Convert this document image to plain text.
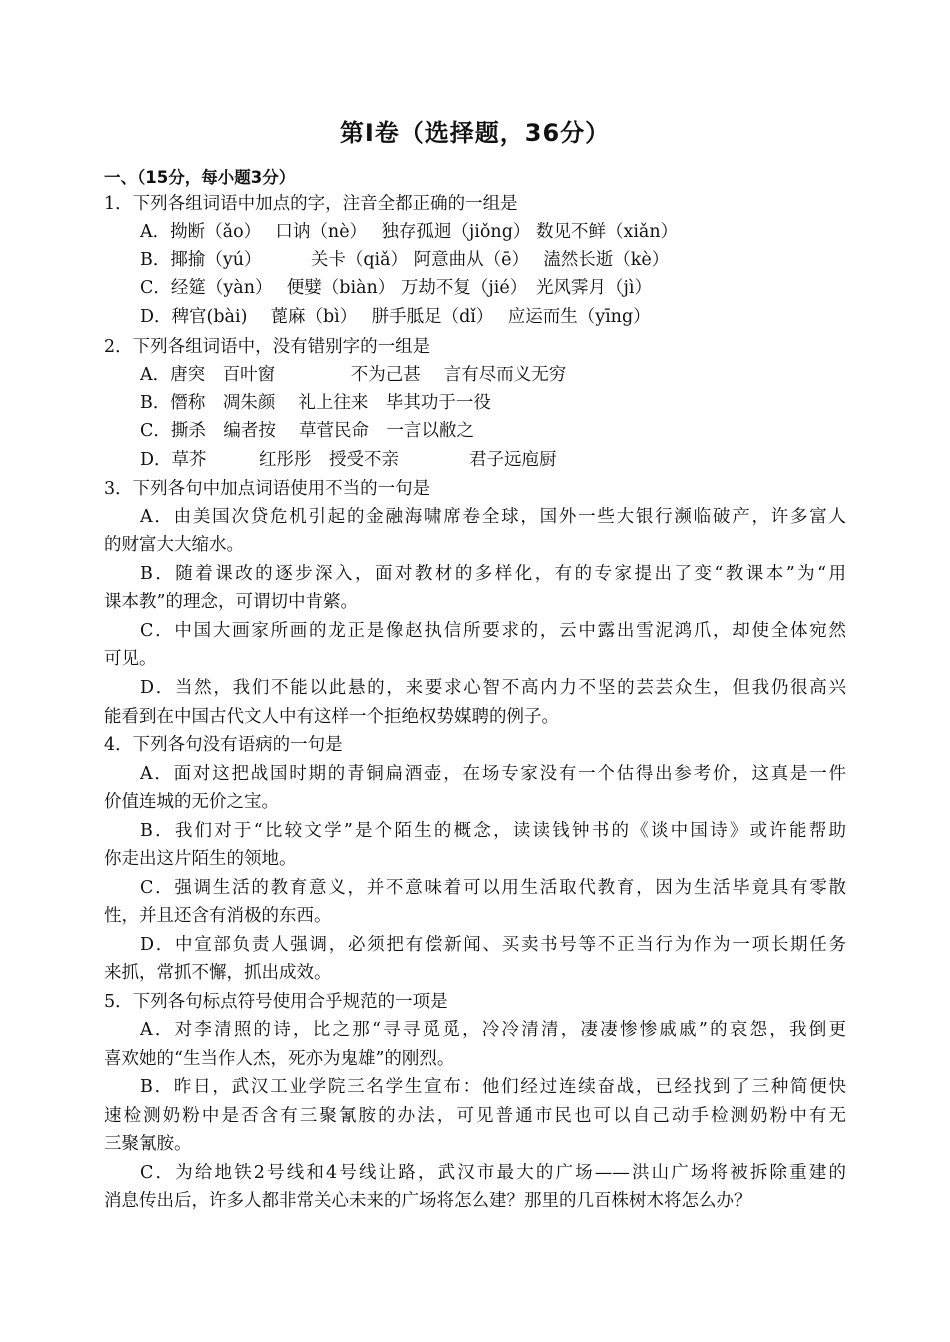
第Ⅰ卷（选择题，36分）
一、（15分，每小题3分）
1．下列各组词语中加点的字，注音全都正确的一组是
A．拗断（ǎo）　 口讷（nè）　 独存孤迥（jiǒng） 数见不鲜（xiǎn）
B．揶揄（yú）　　　 关卡（qiǎ） 阿意曲从（ē）　 溘然长逝（kè）
C．经筵（yàn）　 便嬖（biàn） 万劫不复（jié）　光风霁月（jì）
D．稗官(bài)　 蓖麻（bì）　 胼手胝足（dǐ）　 应运而生（yīng）
2．下列各组词语中，没有错别字的一组是
A．唐突　百叶窗　　　　 不为己甚　 言有尽而义无穷
B．僭称　凋朱颜　 礼上往来　毕其功于一役
C．撕杀　编者按　 草菅民命　一言以敝之
D．草芥　　　红彤彤　授受不亲　　　　君子远庖厨
3．下列各句中加点词语使用不当的一句是
A．由美国次贷危机引起的金融海啸席卷全球，国外一些大银行濒临破产，许多富人
的财富大大缩水。
B．随着课改的逐步深入，面对教材的多样化，有的专家提出了变“教课本”为“用
课本教”的理念，可谓切中肯綮。
C．中国大画家所画的龙正是像赵执信所要求的，云中露出雪泥鸿爪，却使全体宛然
可见。
D．当然，我们不能以此悬的，来要求心智不高内力不坚的芸芸众生，但我仍很高兴
能看到在中国古代文人中有这样一个拒绝权势媒聘的例子。
4．下列各句没有语病的一句是
A．面对这把战国时期的青铜扁酒壶，在场专家没有一个估得出参考价，这真是一件
价值连城的无价之宝。
B．我们对于“比较文学”是个陌生的概念，读读钱钟书的《谈中国诗》或许能帮助
你走出这片陌生的领地。
C．强调生活的教育意义，并不意味着可以用生活取代教育，因为生活毕竟具有零散
性，并且还含有消极的东西。
D．中宣部负责人强调，必须把有偿新闻、买卖书号等不正当行为作为一项长期任务
来抓，常抓不懈，抓出成效。
5．下列各句标点符号使用合乎规范的一项是
A．对李清照的诗，比之那“寻寻觅觅，冷冷清清，凄凄惨惨戚戚”的哀怨，我倒更
喜欢她的“生当作人杰，死亦为鬼雄”的刚烈。
B．昨日，武汉工业学院三名学生宣布：他们经过连续奋战，已经找到了三种简便快
速检测奶粉中是否含有三聚氰胺的办法，可见普通市民也可以自己动手检测奶粉中有无
三聚氰胺。
C．为给地铁2号线和4号线让路，武汉市最大的广场——洪山广场将被拆除重建的
消息传出后，许多人都非常关心未来的广场将怎么建？那里的几百株树木将怎么办？
